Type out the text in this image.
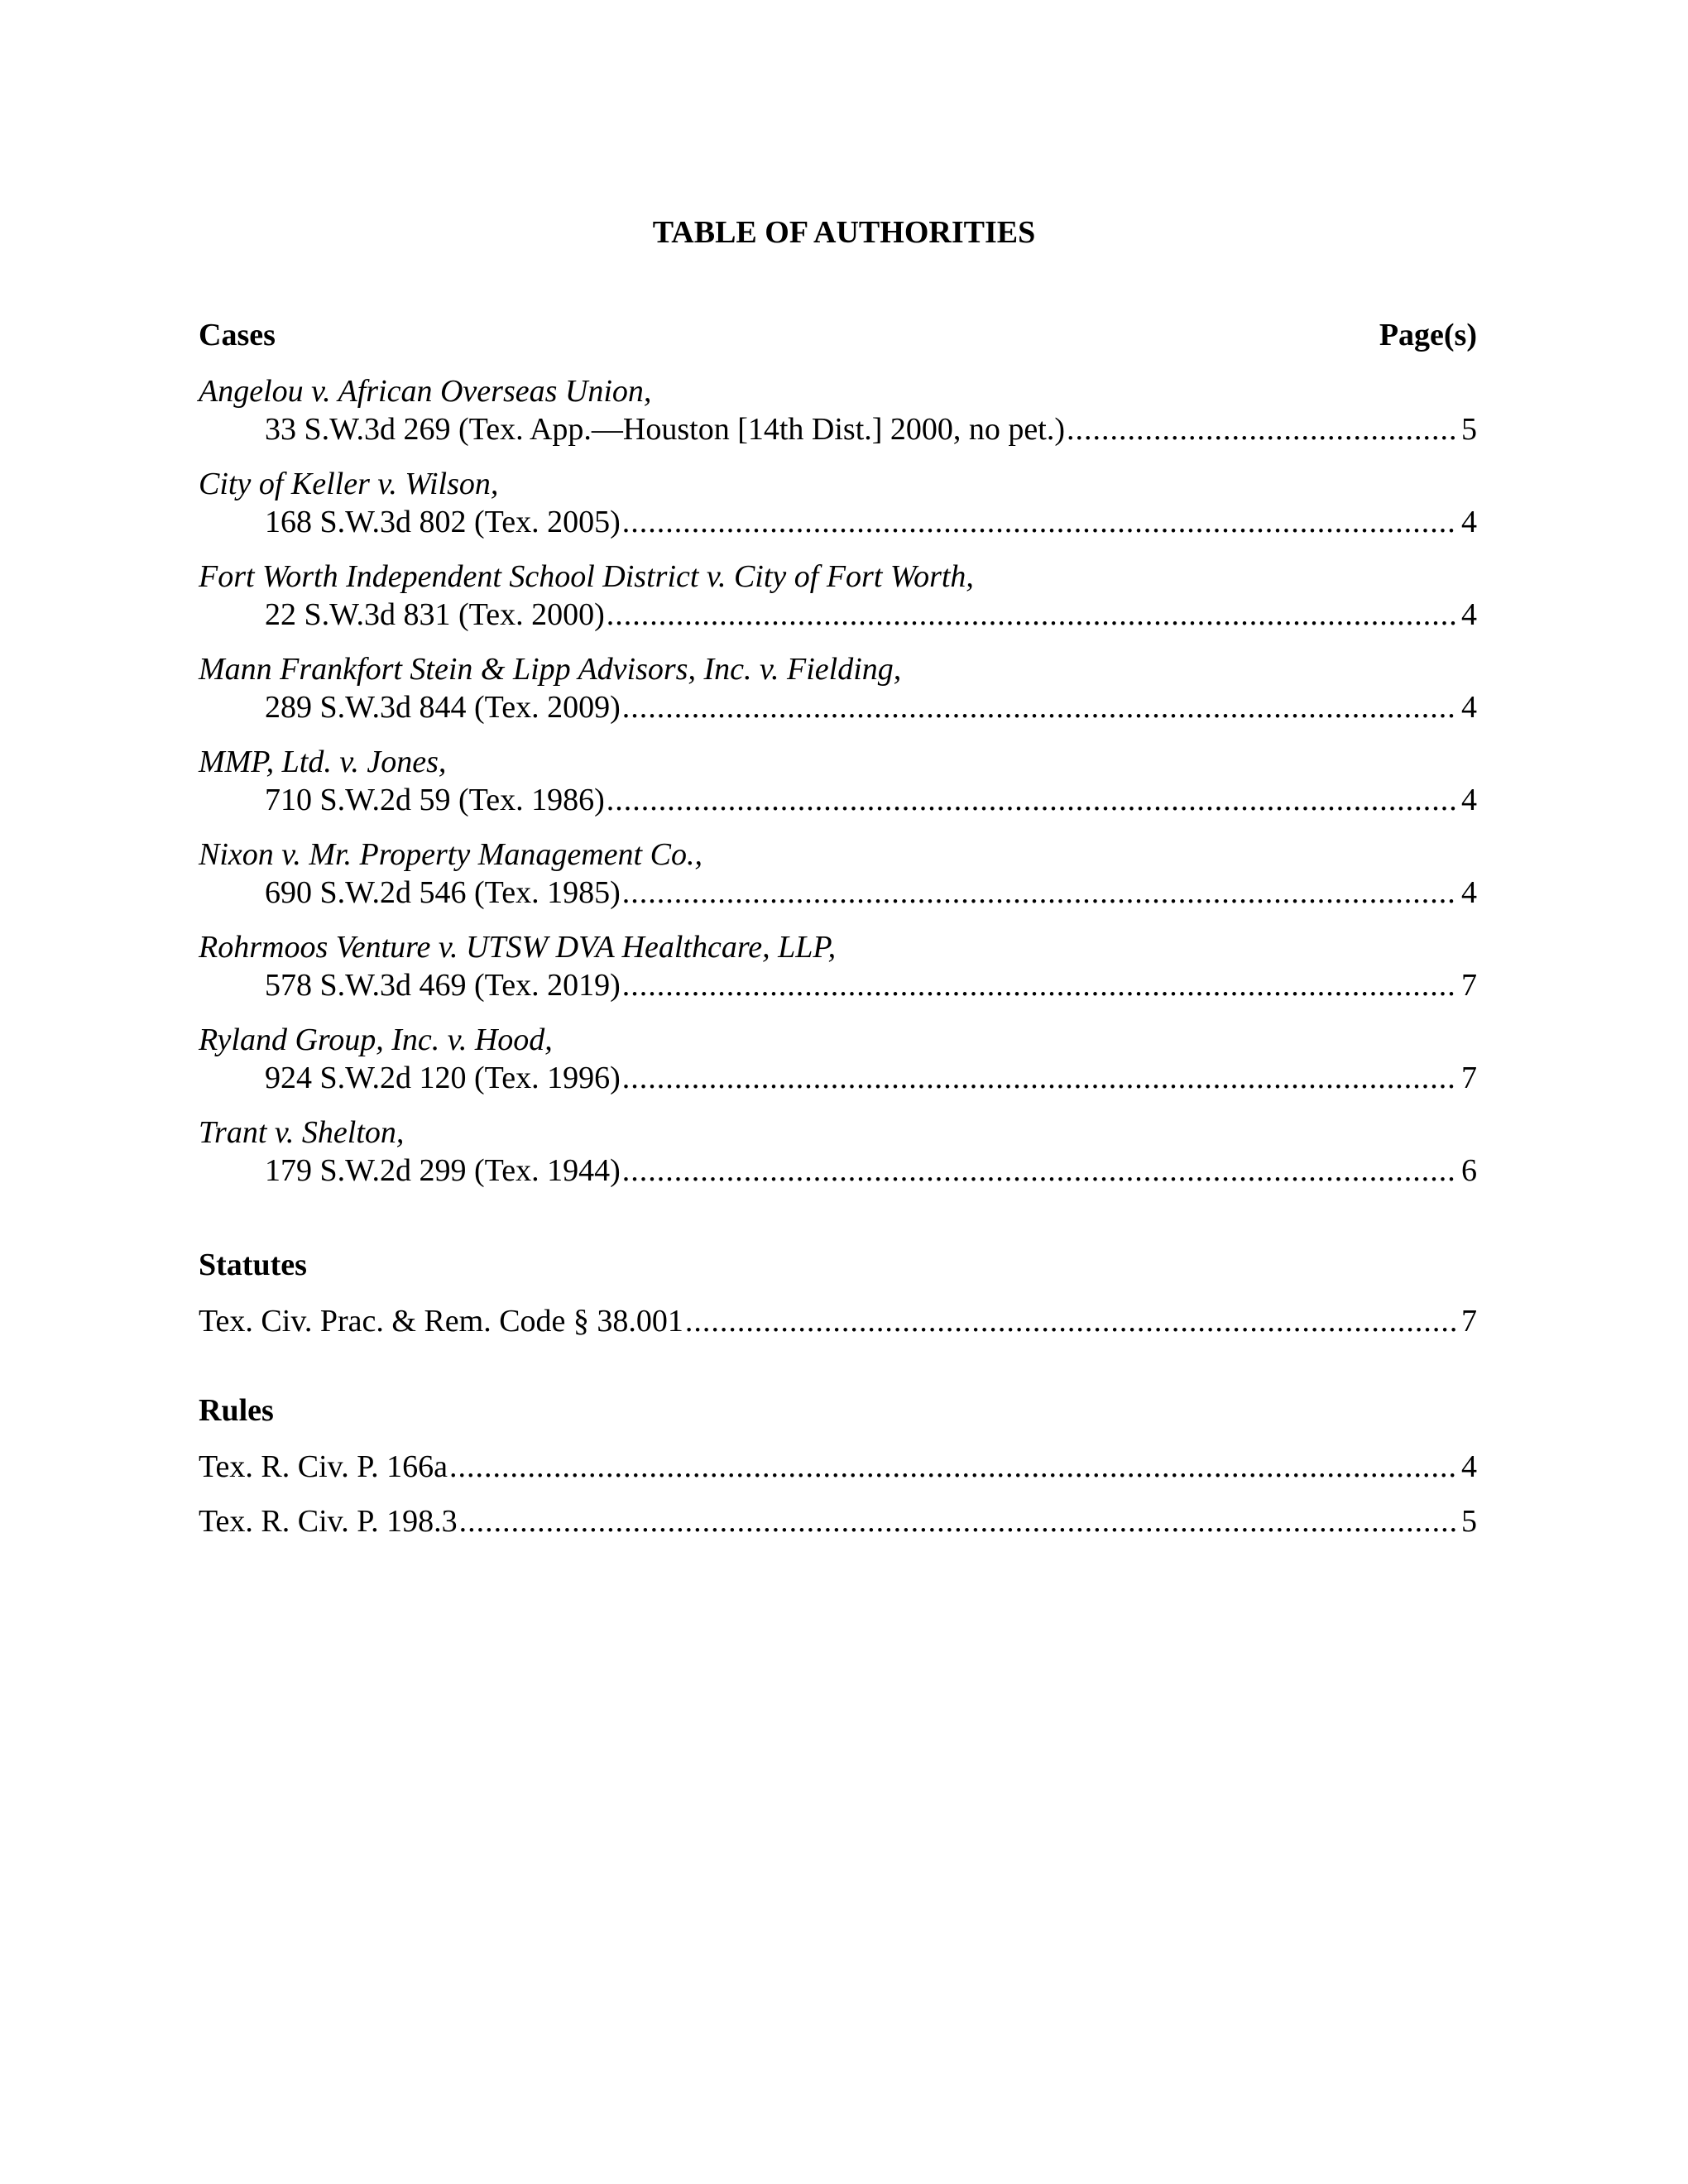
TABLE OF AUTHORITIES
Cases	Page(s)
Angelou v. African Overseas Union,
33 S.W.3d 269 (Tex. App.—Houston [14th Dist.] 2000, no pet.) .....	5
City of Keller v. Wilson,
168 S.W.3d 802 (Tex. 2005) .....	4
Fort Worth Independent School District v. City of Fort Worth,
22 S.W.3d 831 (Tex. 2000) .....	4
Mann Frankfort Stein & Lipp Advisors, Inc. v. Fielding,
289 S.W.3d 844 (Tex. 2009) .....	4
MMP, Ltd. v. Jones,
710 S.W.2d 59 (Tex. 1986) .....	4
Nixon v. Mr. Property Management Co.,
690 S.W.2d 546 (Tex. 1985) .....	4
Rohrmoos Venture v. UTSW DVA Healthcare, LLP,
578 S.W.3d 469 (Tex. 2019) .....	7
Ryland Group, Inc. v. Hood,
924 S.W.2d 120 (Tex. 1996) .....	7
Trant v. Shelton,
179 S.W.2d 299 (Tex. 1944) .....	6
Statutes
Tex. Civ. Prac. & Rem. Code § 38.001 .....	7
Rules
Tex. R. Civ. P. 166a .....	4
Tex. R. Civ. P. 198.3 .....	5
